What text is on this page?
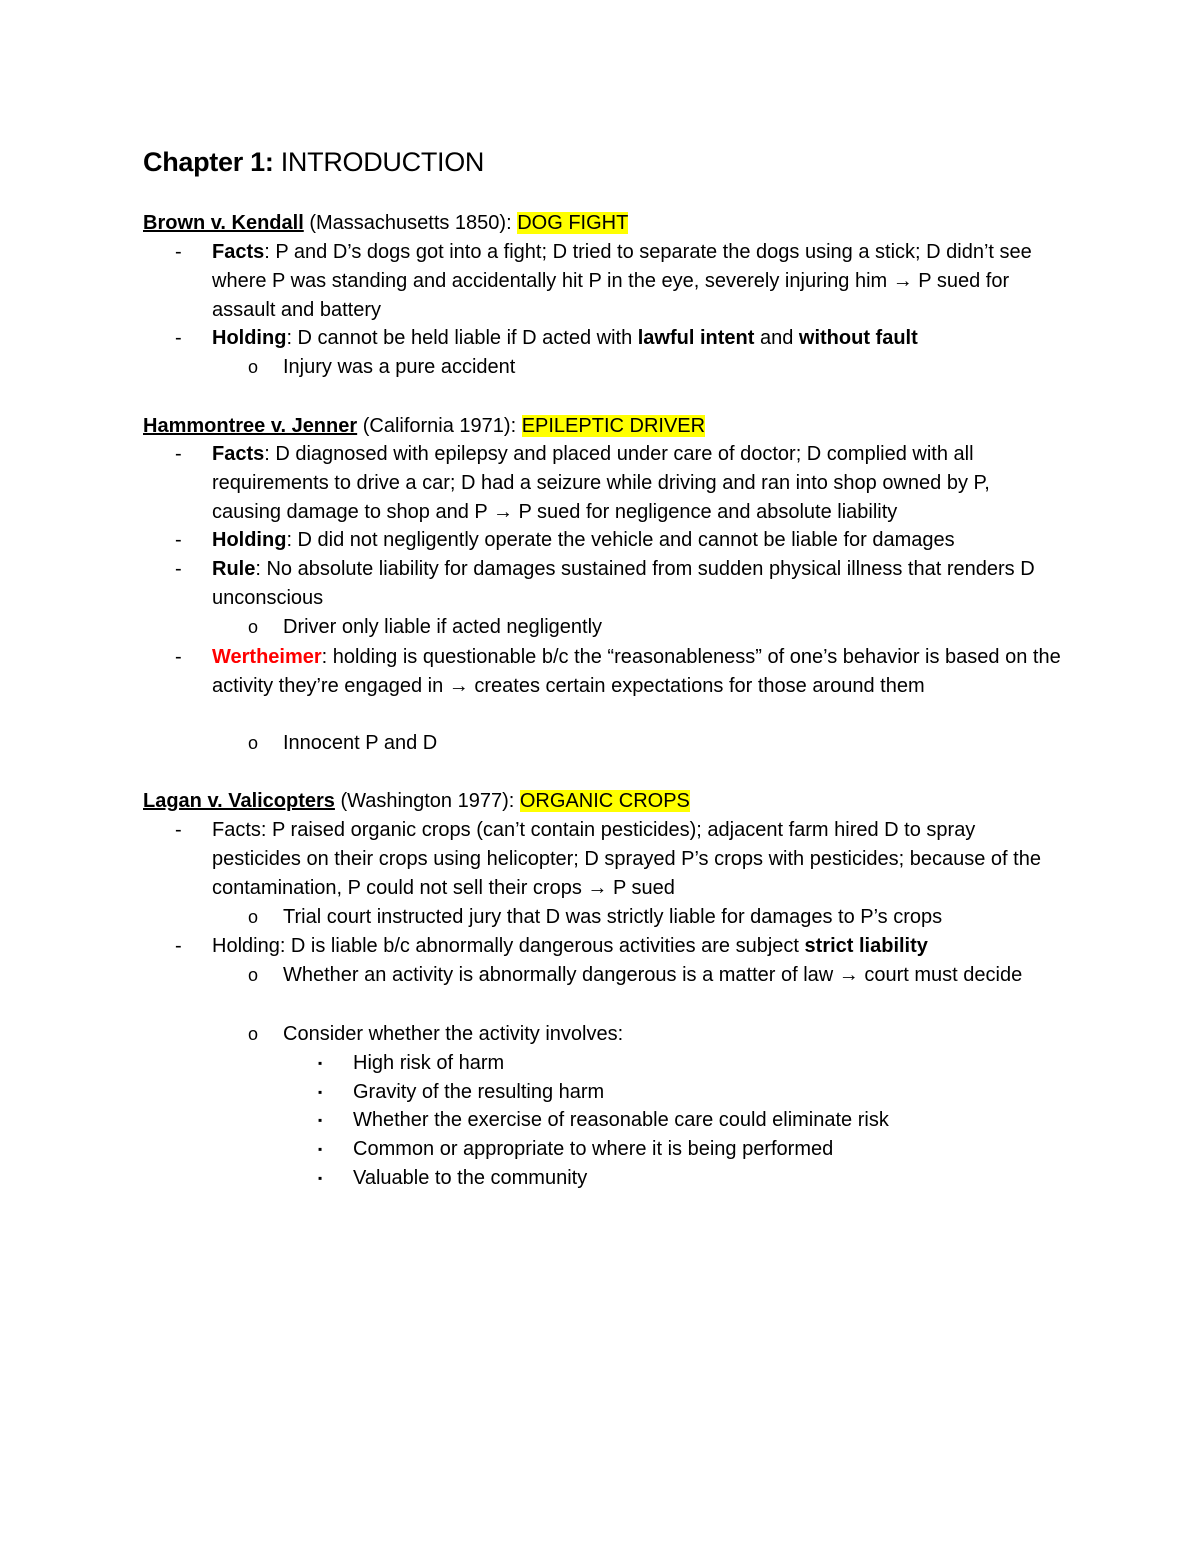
Chapter 1: INTRODUCTION
Brown v. Kendall (Massachusetts 1850): DOG FIGHT
- Facts: P and D’s dogs got into a fight; D tried to separate the dogs using a stick; D didn’t see where P was standing and accidentally hit P in the eye, severely injuring him → P sued for assault and battery
- Holding: D cannot be held liable if D acted with lawful intent and without fault
o Injury was a pure accident
Hammontree v. Jenner (California 1971): EPILEPTIC DRIVER
- Facts: D diagnosed with epilepsy and placed under care of doctor; D complied with all requirements to drive a car; D had a seizure while driving and ran into shop owned by P, causing damage to shop and P → P sued for negligence and absolute liability
- Holding: D did not negligently operate the vehicle and cannot be liable for damages
- Rule: No absolute liability for damages sustained from sudden physical illness that renders D unconscious
o Driver only liable if acted negligently
- Wertheimer: holding is questionable b/c the “reasonableness” of one’s behavior is based on the activity they’re engaged in → creates certain expectations for those around them
o Innocent P and D
Lagan v. Valicopters (Washington 1977): ORGANIC CROPS
- Facts: P raised organic crops (can’t contain pesticides); adjacent farm hired D to spray pesticides on their crops using helicopter; D sprayed P’s crops with pesticides; because of the contamination, P could not sell their crops → P sued
o Trial court instructed jury that D was strictly liable for damages to P’s crops
- Holding: D is liable b/c abnormally dangerous activities are subject strict liability
o Whether an activity is abnormally dangerous is a matter of law → court must decide
o Consider whether the activity involves:
▪ High risk of harm
▪ Gravity of the resulting harm
▪ Whether the exercise of reasonable care could eliminate risk
▪ Common or appropriate to where it is being performed
▪ Valuable to the community
